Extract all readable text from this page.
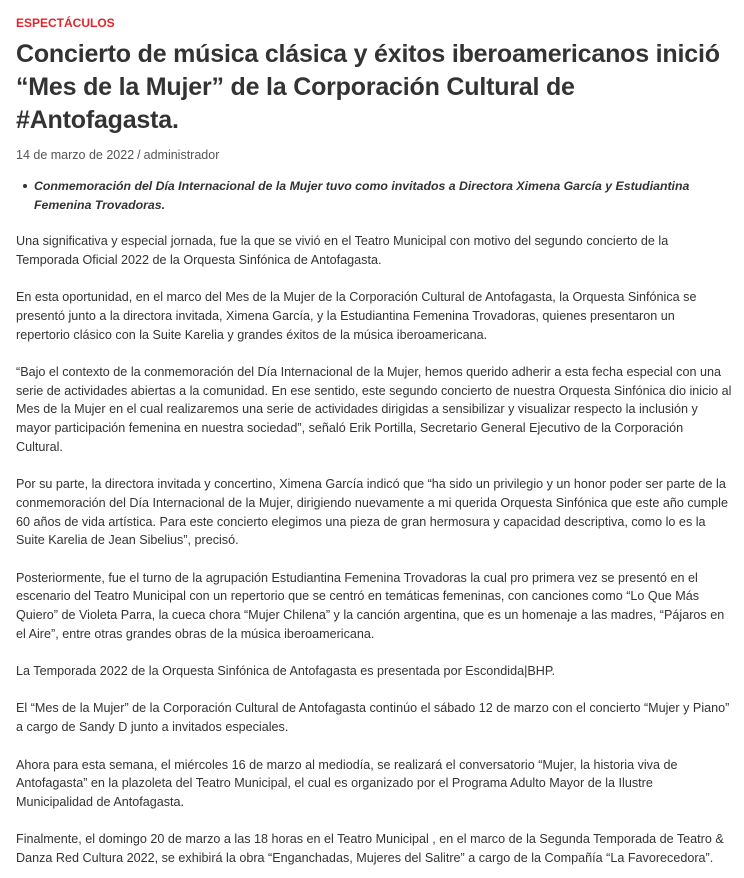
ESPECTÁCULOS
Concierto de música clásica y éxitos iberoamericanos inició “Mes de la Mujer” de la Corporación Cultural de #Antofagasta.
14 de marzo de 2022 / administrador
Conmemoración del Día Internacional de la Mujer tuvo como invitados a Directora Ximena García y Estudiantina Femenina Trovadoras.

Una significativa y especial jornada, fue la que se vivió en el Teatro Municipal con motivo del segundo concierto de la Temporada Oficial 2022 de la Orquesta Sinfónica de Antofagasta.

En esta oportunidad, en el marco del Mes de la Mujer de la Corporación Cultural de Antofagasta, la Orquesta Sinfónica se presentó junto a la directora invitada, Ximena García, y la Estudiantina Femenina Trovadoras, quienes presentaron un repertorio clásico con la Suite Karelia y grandes éxitos de la música iberoamericana.

“Bajo el contexto de la conmemoración del Día Internacional de la Mujer, hemos querido adherir a esta fecha especial con una serie de actividades abiertas a la comunidad. En ese sentido, este segundo concierto de nuestra Orquesta Sinfónica dio inicio al Mes de la Mujer en el cual realizaremos una serie de actividades dirigidas a sensibilizar y visualizar respecto la inclusión y mayor participación femenina en nuestra sociedad”, señaló Erik Portilla, Secretario General Ejecutivo de la Corporación Cultural.

Por su parte, la directora invitada y concertino, Ximena García indicó que “ha sido un privilegio y un honor poder ser parte de la conmemoración del Día Internacional de la Mujer, dirigiendo nuevamente a mi querida Orquesta Sinfónica que este año cumple 60 años de vida artística. Para este concierto elegimos una pieza de gran hermosura y capacidad descriptiva, como lo es la Suite Karelia de Jean Sibelius”, precisó.

Posteriormente, fue el turno de la agrupación Estudiantina Femenina Trovadoras la cual pro primera vez se presentó en el escenario del Teatro Municipal con un repertorio que se centró en temáticas femeninas, con canciones como “Lo Que Más Quiero” de Violeta Parra, la cueca chora “Mujer Chilena” y la canción argentina, que es un homenaje a las madres, “Pájaros en el Aire”, entre otras grandes obras de la música iberoamericana.

La Temporada 2022 de la Orquesta Sinfónica de Antofagasta es presentada por Escondida|BHP.

El “Mes de la Mujer” de la Corporación Cultural de Antofagasta continúo el sábado 12 de marzo con el concierto “Mujer y Piano” a cargo de Sandy D junto a invitados especiales.

Ahora para esta semana, el miércoles 16 de marzo al mediodía, se realizará el conversatorio “Mujer, la historia viva de Antofagasta” en la plazoleta del Teatro Municipal, el cual es organizado por el Programa Adulto Mayor de la Ilustre Municipalidad de Antofagasta.

Finalmente, el domingo 20 de marzo a las 18 horas en el Teatro Municipal , en el marco de la Segunda Temporada de Teatro & Danza Red Cultura 2022, se exhibirá la obra “Enganchadas, Mujeres del Salitre” a cargo de la Compañía “La Favorecedora”.
